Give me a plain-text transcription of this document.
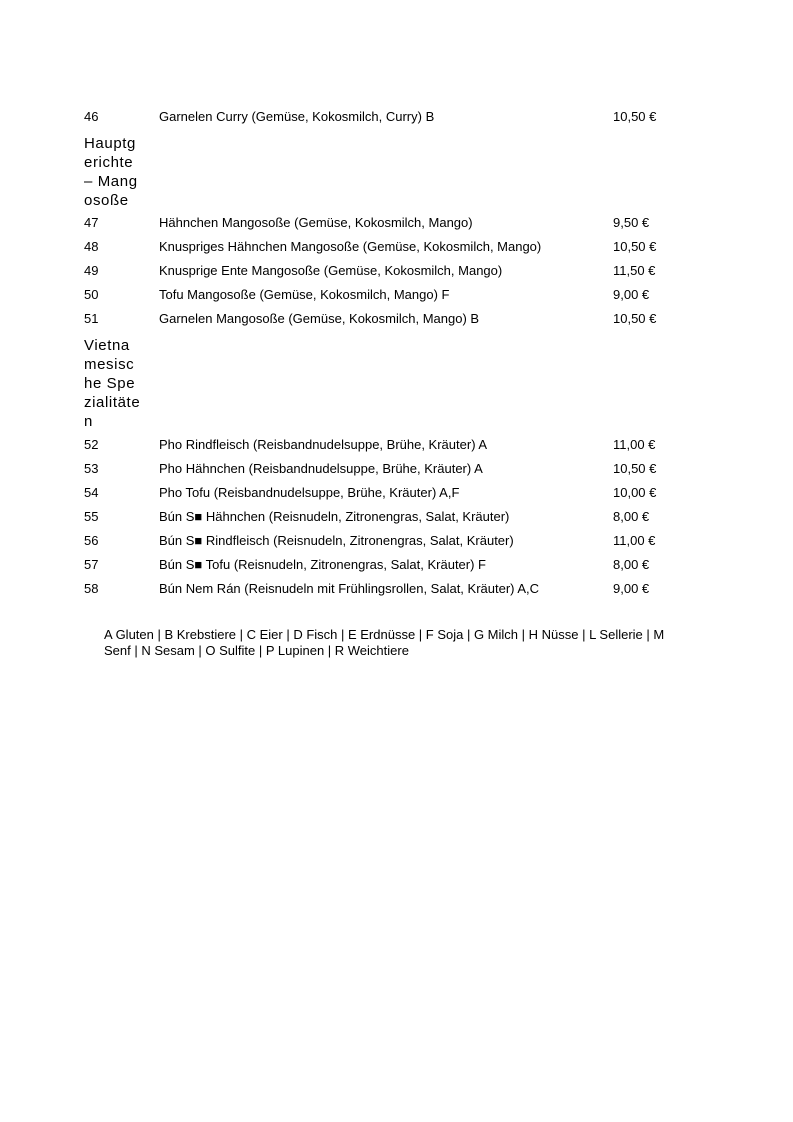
46	Garnelen Curry (Gemüse, Kokosmilch, Curry) B	10,50 €
Hauptg
erichte
– Mang
osoße
47	Hähnchen Mangosoße (Gemüse, Kokosmilch, Mango)	9,50 €
48	Knuspriges Hähnchen Mangosoße (Gemüse, Kokosmilch, Mango)	10,50 €
49	Knusprige Ente Mangosoße (Gemüse, Kokosmilch, Mango)	11,50 €
50	Tofu Mangosoße (Gemüse, Kokosmilch, Mango) F	9,00 €
51	Garnelen Mangosoße (Gemüse, Kokosmilch, Mango) B	10,50 €
Vietna
mesisc
he Spe
zialitäte
n
52	Pho Rindfleisch (Reisbandnudelsuppe, Brühe, Kräuter) A	11,00 €
53	Pho Hähnchen (Reisbandnudelsuppe, Brühe, Kräuter) A	10,50 €
54	Pho Tofu (Reisbandnudelsuppe, Brühe, Kräuter) A,F	10,00 €
55	Bún S■ Hähnchen (Reisnudeln, Zitronengras, Salat, Kräuter)	8,00 €
56	Bún S■ Rindfleisch (Reisnudeln, Zitronengras, Salat, Kräuter)	11,00 €
57	Bún S■ Tofu (Reisnudeln, Zitronengras, Salat, Kräuter) F	8,00 €
58	Bún Nem Rán (Reisnudeln mit Frühlingsrollen, Salat, Kräuter) A,C	9,00 €
A Gluten | B Krebstiere | C Eier | D Fisch | E Erdnüsse | F Soja | G Milch | H Nüsse | L Sellerie | M
Senf | N Sesam | O Sulfite | P Lupinen | R Weichtiere
